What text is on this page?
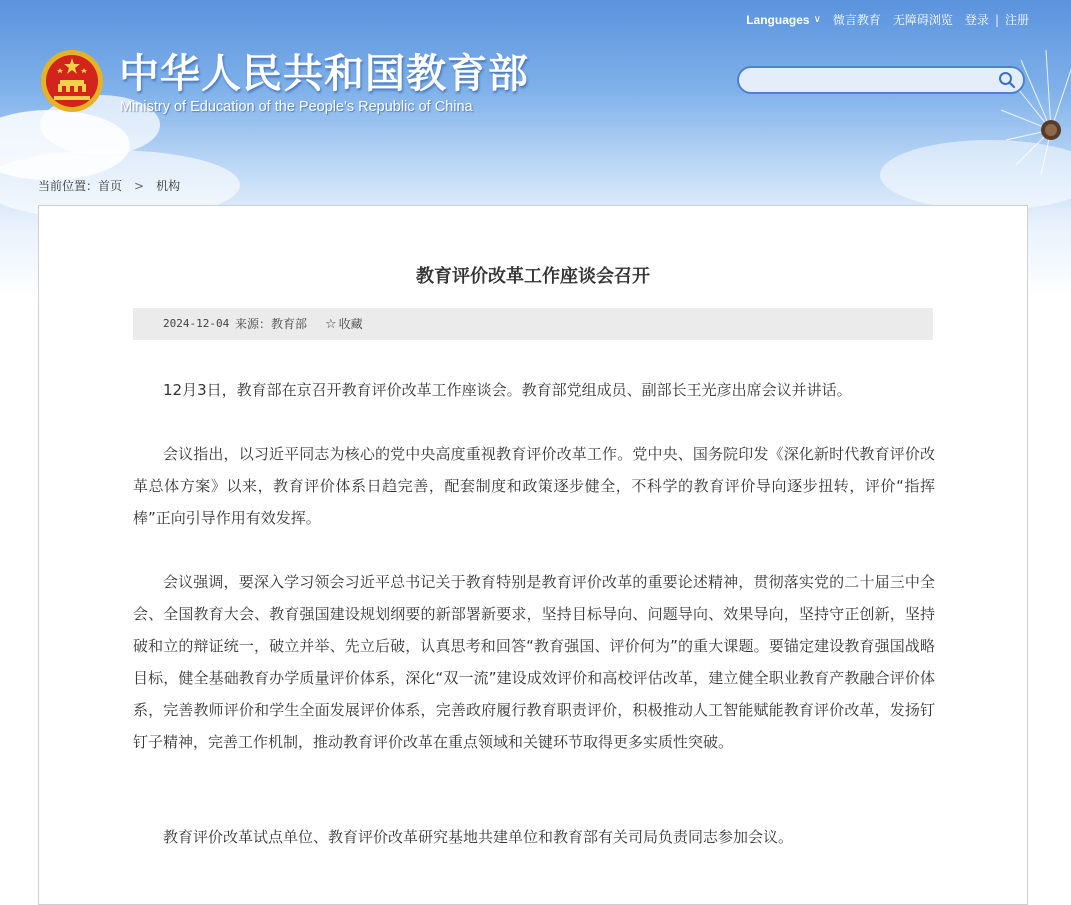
中华人民共和国教育部
Ministry of Education of the People's Republic of China
Languages ∨ 微言教育 无障碍浏览 登录 | 注册
当前位置：首页 > 机构
教育评价改革工作座谈会召开
2024-12-04 来源： 教育部 ☆ 收藏

12月3日，教育部在京召开教育评价改革工作座谈会。教育部党组成员、副部长王光彦出席会议并讲话。

会议指出，以习近平同志为核心的党中央高度重视教育评价改革工作。党中央、国务院印发《深化新时代教育评价改革总体方案》以来，教育评价体系日趋完善，配套制度和政策逐步健全，不科学的教育评价导向逐步扭转，评价“指挥棒”正向引导作用有效发挥。

会议强调，要深入学习领会习近平总书记关于教育特别是教育评价改革的重要论述精神，贯彻落实党的二十届三中全会、全国教育大会、教育强国建设规划纲要的新部署新要求，坚持目标导向、问题导向、效果导向，坚持守正创新，坚持破和立的辩证统一，破立并举、先立后破，认真思考和回答“教育强国、评价何为”的重大课题。要锚定建设教育强国战略目标，健全基础教育办学质量评价体系，深化“双一流”建设成效评价和高校评估改革，建立健全职业教育产教融合评价体系，完善教师评价和学生全面发展评价体系，完善政府履行教育职责评价，积极推动人工智能赋能教育评价改革，发扬钉钉子精神，完善工作机制，推动教育评价改革在重点领域和关键环节取得更多实质性突破。

教育评价改革试点单位、教育评价改革研究基地共建单位和教育部有关司局负责同志参加会议。
